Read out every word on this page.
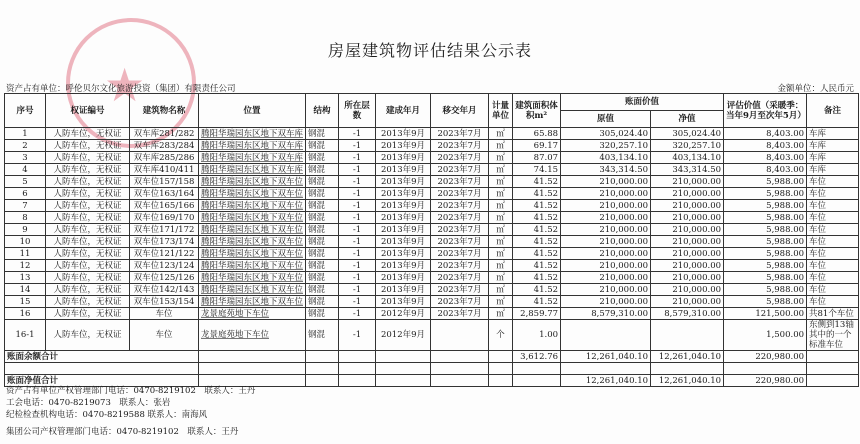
★
房屋建筑物评估结果公示表
资产占有单位：呼伦贝尔文化旅游投资（集团）有限责任公司	金额单位：人民币元
序号	权证编号	建筑物名称	位置	结构	所在层数	建成年月	移交年月	计量单位	建筑面积体积m²	账面价值		评估价值（采暖季：当年9月至次年5月）	备注
										原值	净值		
1	人防车位，无权证	双车库281/282	腾阳华瑞园东区地下双车库	钢混	-1	2013年9月	2023年7月	㎡	65.88	305,024.40	305,024.40	8,403.00	车库
2	人防车位，无权证	双车库283/284	腾阳华瑞园东区地下双车库	钢混	-1	2013年9月	2023年7月	㎡	69.17	320,257.10	320,257.10	8,403.00	车库
3	人防车位，无权证	双车库285/286	腾阳华瑞园东区地下双车库	钢混	-1	2013年9月	2023年7月	㎡	87.07	403,134.10	403,134.10	8,403.00	车库
4	人防车位，无权证	双车库410/411	腾阳华瑞园东区地下双车库	钢混	-1	2013年9月	2023年7月	㎡	74.15	343,314.50	343,314.50	8,403.00	车库
5	人防车位，无权证	双车位157/158	腾阳华瑞园东区地下双车位	钢混	-1	2013年9月	2023年7月	㎡	41.52	210,000.00	210,000.00	5,988.00	车位
6	人防车位，无权证	双车位163/164	腾阳华瑞园东区地下双车位	钢混	-1	2013年9月	2023年7月	㎡	41.52	210,000.00	210,000.00	5,988.00	车位
7	人防车位，无权证	双车位165/166	腾阳华瑞园东区地下双车位	钢混	-1	2013年9月	2023年7月	㎡	41.52	210,000.00	210,000.00	5,988.00	车位
8	人防车位，无权证	双车位169/170	腾阳华瑞园东区地下双车位	钢混	-1	2013年9月	2023年7月	㎡	41.52	210,000.00	210,000.00	5,988.00	车位
9	人防车位，无权证	双车位171/172	腾阳华瑞园东区地下双车位	钢混	-1	2013年9月	2023年7月	㎡	41.52	210,000.00	210,000.00	5,988.00	车位
10	人防车位，无权证	双车位173/174	腾阳华瑞园东区地下双车位	钢混	-1	2013年9月	2023年7月	㎡	41.52	210,000.00	210,000.00	5,988.00	车位
11	人防车位，无权证	双车位121/122	腾阳华瑞园东区地下双车位	钢混	-1	2013年9月	2023年7月	㎡	41.52	210,000.00	210,000.00	5,988.00	车位
12	人防车位，无权证	双车位123/124	腾阳华瑞园东区地下双车位	钢混	-1	2013年9月	2023年7月	㎡	41.52	210,000.00	210,000.00	5,988.00	车位
13	人防车位，无权证	双车位125/126	腾阳华瑞园东区地下双车位	钢混	-1	2013年9月	2023年7月	㎡	41.52	210,000.00	210,000.00	5,988.00	车位
14	人防车位，无权证	双车位142/143	腾阳华瑞园东区地下双车位	钢混	-1	2013年9月	2023年7月	㎡	41.52	210,000.00	210,000.00	5,988.00	车位
15	人防车位，无权证	双车位153/154	腾阳华瑞园东区地下双车位	钢混	-1	2013年9月	2023年7月	㎡	41.52	210,000.00	210,000.00	5,988.00	车位
16	人防车位，无权证	车位	龙景庭苑地下车位	钢混	-1	2012年9月	2023年7月	㎡	2,859.77	8,579,310.00	8,579,310.00	121,500.00	共81个车位
16-1	人防车位，无权证	车位	龙景庭苑地下车位	钢混	-1	2012年9月		个	1.00			1,500.00	东侧到13轴其中的一个标准车位
账面余额合计									3,612.76	12,261,040.10	12,261,040.10	220,980.00	

账面净值合计										12,261,040.10	12,261,040.10	220,980.00	
资产占有单位产权管理部门电话：0470-8219102　联系人：王丹
工会电话：0470-8219073　联系人：张岩
纪检检查机构电话：0470-8219588 联系人：南海风
集团公司产权管理部门电话：0470-8219102　联系人：王丹
